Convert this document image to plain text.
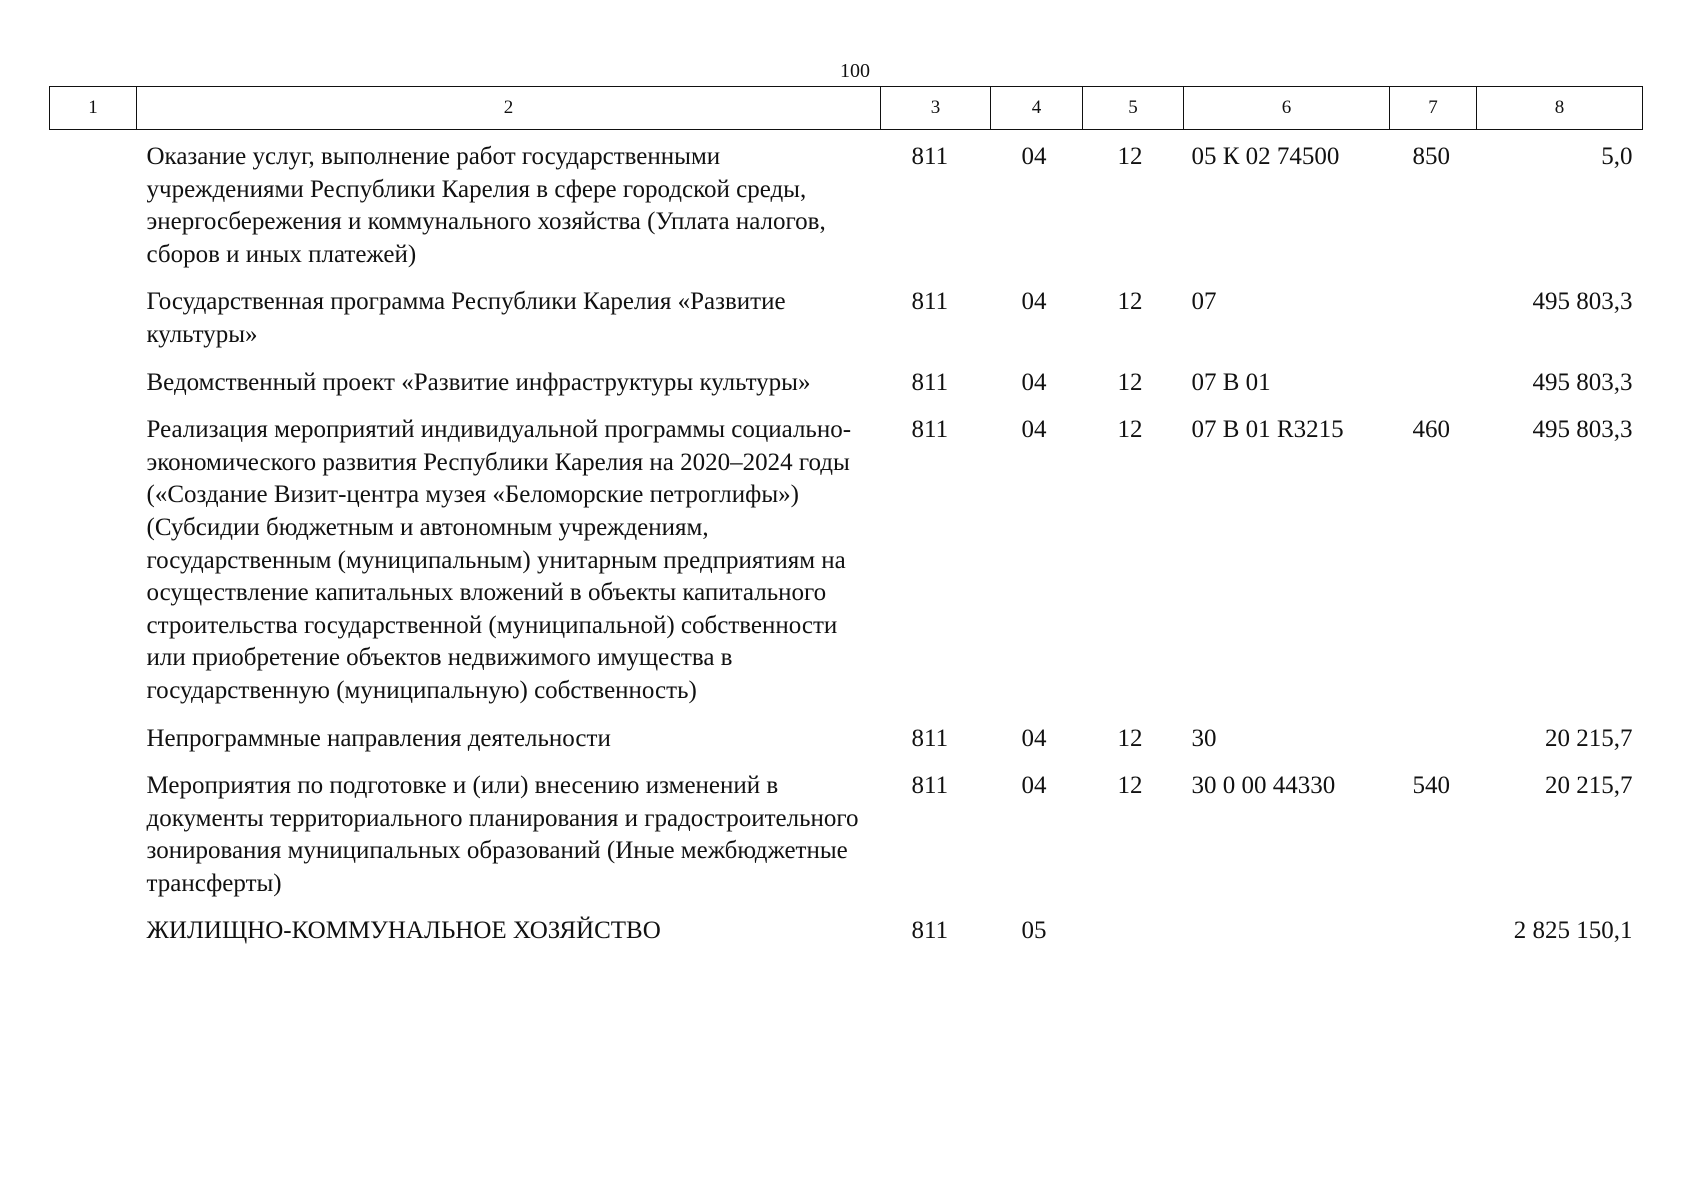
100
1	2	3	4	5	6	7	8
	Оказание услуг, выполнение работ государственными учреждениями Республики Карелия в сфере городской среды, энергосбережения и коммунального хозяйства (Уплата налогов, сборов и иных платежей)	811	04	12	05 К 02 74500	850	5,0
	Государственная программа Республики Карелия «Развитие культуры»	811	04	12	07		495 803,3
	Ведомственный проект «Развитие инфраструктуры культуры»	811	04	12	07 В 01		495 803,3
	Реализация мероприятий индивидуальной программы социально-экономического развития Республики Карелия на 2020–2024 годы («Создание Визит-центра музея «Беломорские петроглифы») (Субсидии бюджетным и автономным учреждениям, государственным (муниципальным) унитарным предприятиям на осуществление капитальных вложений в объекты капитального строительства государственной (муниципальной) собственности или приобретение объектов недвижимого имущества в государственную (муниципальную) собственность)	811	04	12	07 В 01 R3215	460	495 803,3
	Непрограммные направления деятельности	811	04	12	30		20 215,7
	Мероприятия по подготовке и (или) внесению изменений в документы территориального планирования и градостроительного зонирования муниципальных образований (Иные межбюджетные трансферты)	811	04	12	30 0 00 44330	540	20 215,7
	ЖИЛИЩНО-КОММУНАЛЬНОЕ ХОЗЯЙСТВО	811	05				2 825 150,1
